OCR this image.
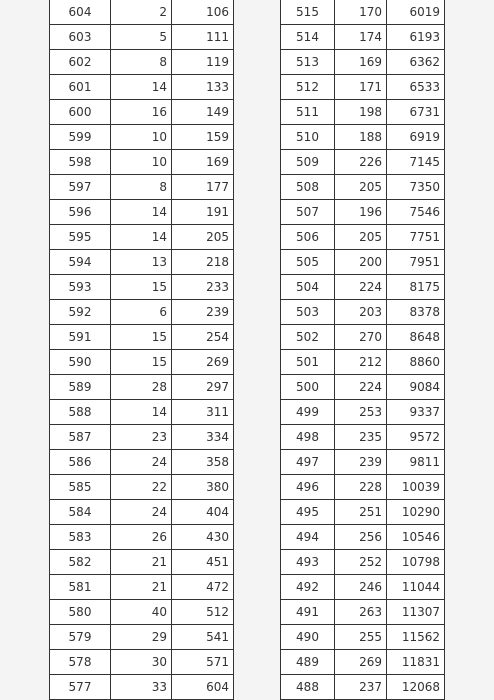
604	2	106
603	5	111
602	8	119
601	14	133
600	16	149
599	10	159
598	10	169
597	8	177
596	14	191
595	14	205
594	13	218
593	15	233
592	6	239
591	15	254
590	15	269
589	28	297
588	14	311
587	23	334
586	24	358
585	22	380
584	24	404
583	26	430
582	21	451
581	21	472
580	40	512
579	29	541
578	30	571
577	33	604
515	170	6019
514	174	6193
513	169	6362
512	171	6533
511	198	6731
510	188	6919
509	226	7145
508	205	7350
507	196	7546
506	205	7751
505	200	7951
504	224	8175
503	203	8378
502	270	8648
501	212	8860
500	224	9084
499	253	9337
498	235	9572
497	239	9811
496	228	10039
495	251	10290
494	256	10546
493	252	10798
492	246	11044
491	263	11307
490	255	11562
489	269	11831
488	237	12068
